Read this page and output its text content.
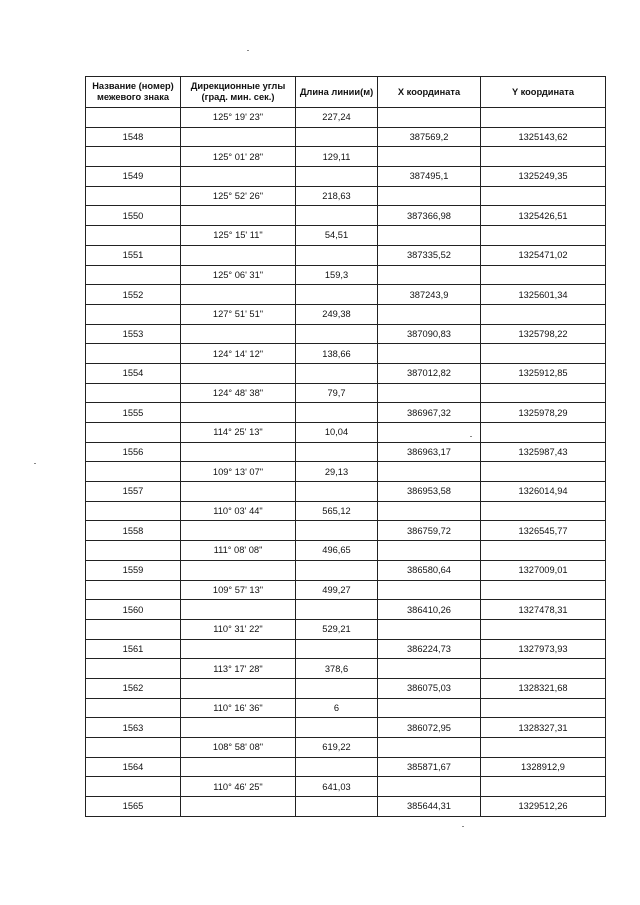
Название (номер) межевого знака	Дирекционные углы (град. мин. сек.)	Длина линии(м)	X координата	Y координата
	125° 19' 23"	227,24		
1548			387569,2	1325143,62
	125° 01' 28"	129,11		
1549			387495,1	1325249,35
	125° 52' 26"	218,63		
1550			387366,98	1325426,51
	125° 15' 11"	54,51		
1551			387335,52	1325471,02
	125° 06' 31"	159,3		
1552			387243,9	1325601,34
	127° 51' 51"	249,38		
1553			387090,83	1325798,22
	124° 14' 12"	138,66		
1554			387012,82	1325912,85
	124° 48' 38"	79,7		
1555			386967,32	1325978,29
	114° 25' 13"	10,04		
1556			386963,17	1325987,43
	109° 13' 07"	29,13		
1557			386953,58	1326014,94
	110° 03' 44"	565,12		
1558			386759,72	1326545,77
	111° 08' 08"	496,65		
1559			386580,64	1327009,01
	109° 57' 13"	499,27		
1560			386410,26	1327478,31
	110° 31' 22"	529,21		
1561			386224,73	1327973,93
	113° 17' 28"	378,6		
1562			386075,03	1328321,68
	110° 16' 36"	6		
1563			386072,95	1328327,31
	108° 58' 08"	619,22		
1564			385871,67	1328912,9
	110° 46' 25"	641,03		
1565			385644,31	1329512,26
